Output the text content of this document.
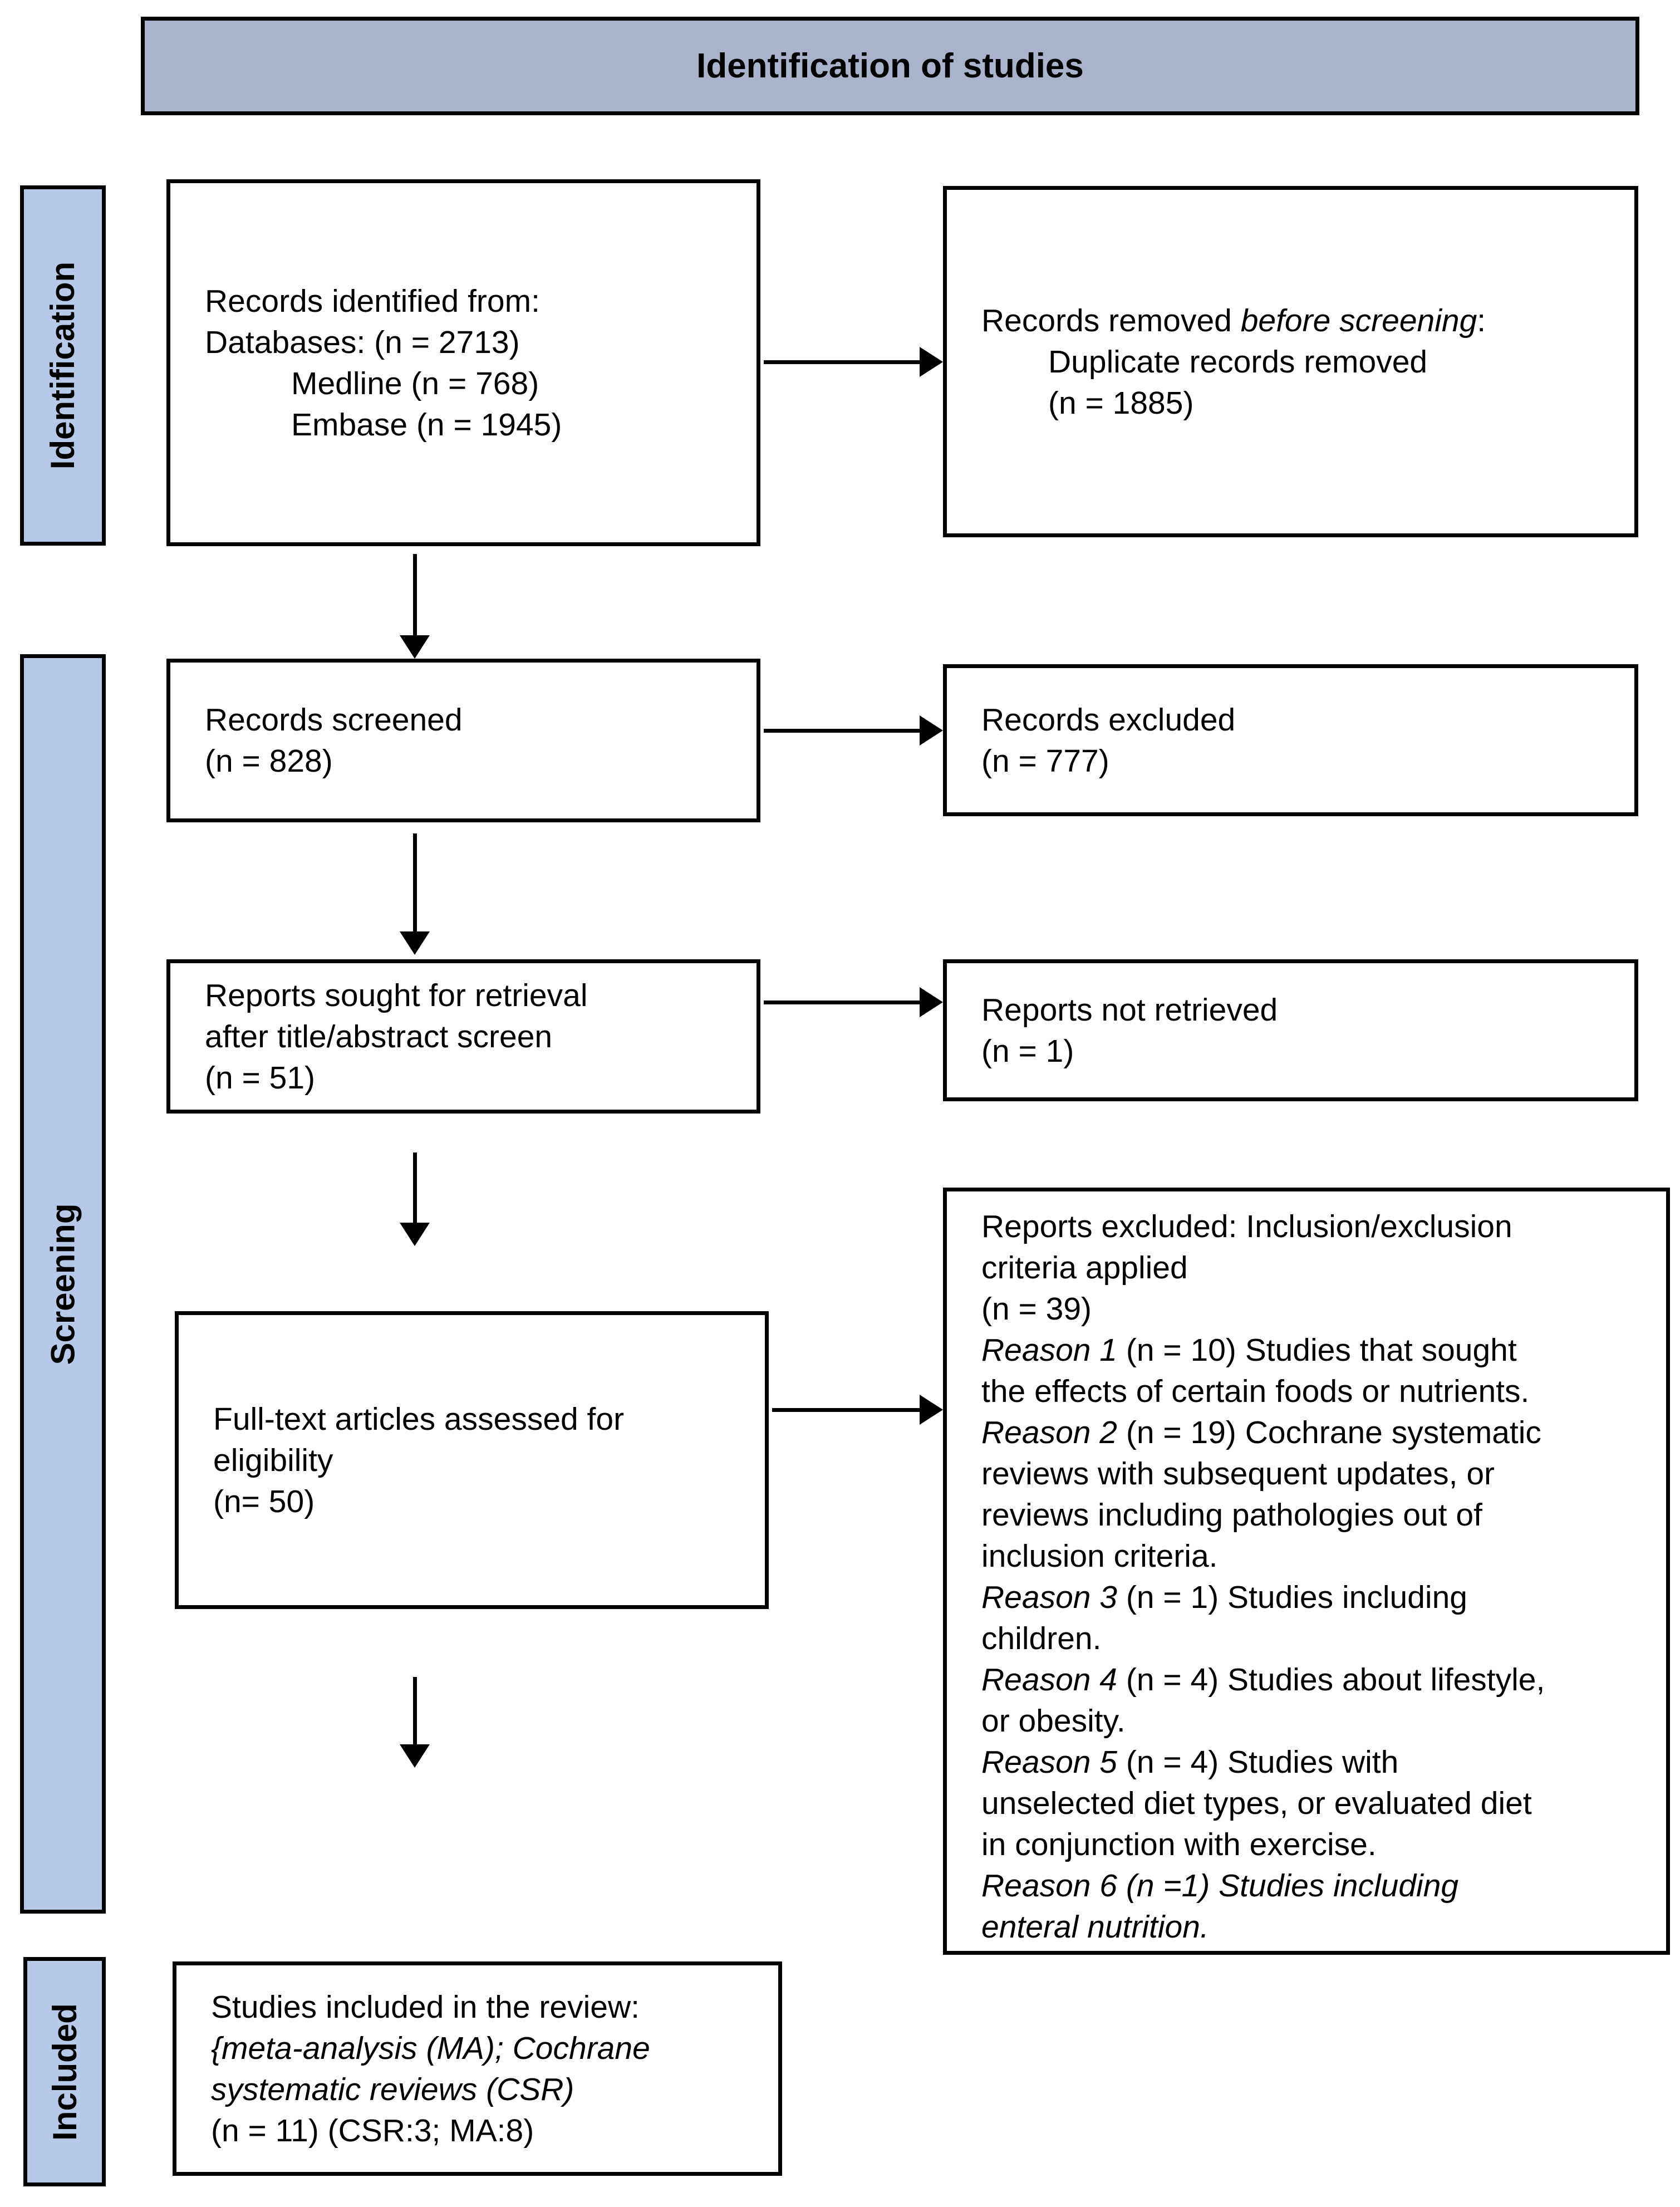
Identification of studies
Identification
Screening
Included
Records identified from:
Databases: (n = 2713)
Medline (n = 768)
Embase (n = 1945)
Records screened
(n = 828)
Reports sought for retrieval
after title/abstract screen
(n = 51)
Full-text articles assessed for
eligibility
(n= 50)
Studies included in the review:
{meta-analysis (MA); Cochrane
systematic reviews (CSR)
(n = 11) (CSR:3; MA:8)
Records removed before screening:
Duplicate records removed
(n = 1885)
Records excluded
(n = 777)
Reports not retrieved
(n = 1)
Reports excluded: Inclusion/exclusion
criteria applied
(n = 39)
Reason 1 (n = 10) Studies that sought
the effects of certain foods or nutrients.
Reason 2 (n = 19) Cochrane systematic
reviews with subsequent updates, or
reviews including pathologies out of
inclusion criteria.
Reason 3 (n = 1) Studies including
children.
Reason 4 (n = 4) Studies about lifestyle,
or obesity.
Reason 5 (n = 4) Studies with
unselected diet types, or evaluated diet
in conjunction with exercise.
Reason 6 (n =1) Studies including
enteral nutrition.
